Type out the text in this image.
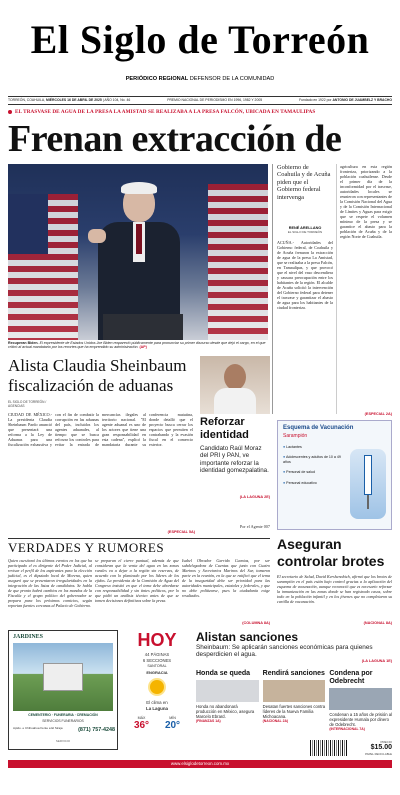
El Siglo de Torreón
PERIÓDICO REGIONAL DEFENSOR DE LA COMUNIDAD
TORREÓN, COAHUILA, MIÉRCOLES 16 DE ABRIL DE 2025 | AÑO 104, No. 46	PREMIO NACIONAL DE PERIODISMO EN 1996, 1982 Y 2005	Fundado en 1922 por ANTONIO DE JUAMBELZ Y BRACHO
EL TRASVASE DE AGUA DE LA PRESA LA AMISTAD SE REALIZABA A LA PRESA FALCÓN, UBICADA EN TAMAULIPAS
Frenan extracción de
Recuperan Biden. El expresidente de Estados Unidos Joe Biden reapareció públicamente para pronunciar su primer discurso desde que dejó el cargo, en el que criticó al actual mandatario por los recortes que ha emprendido su administración. (AP)
Gobierno de Coahuila y de Acuña piden que el Gobierno federal intervenga
RENÉ ARELLANO
EL SIGLO DE TORREÓN
ACUÑA.- Autoridades del Gobierno federal, de Coahuila y de Acuña frenaron la extracción de agua de la presa La Amistad, que se realizaba a la presa Falcón, en Tamaulipas, y que provocó que el nivel del vaso descendiera y causara preocupación entre los habitantes de la región. El alcalde de Acuña solicitó la intervención del Gobierno federal para detener el trasvase y garantizar el abasto de agua para los habitantes de la ciudad fronteriza.
agricultura en esta región fronteriza, priorizando a la población coahuilense. Desde el primer día de la inconformidad por el trasvase, autoridades locales se reunieron con representantes de la Comisión Nacional del Agua y de la Comisión Internacional de Límites y Aguas para exigir que se respete el volumen mínimo de la presa y se garantice el abasto para la población de Acuña y de la región Norte de Coahuila.
(ESPECIAL 2A)
Alista Claudia Sheinbaum fiscalización de aduanas
EL SIGLO DE TORREÓN / AGENCIAS
CIUDAD DE MÉXICO.- La presidenta Claudia Sheinbaum Pardo anunció que presentará una reforma a la Ley de Aduanas para una fiscalización exhaustiva y con el fin de combatir la corrupción en las aduanas del país, incluidos los agentes aduanales, al tiempo que se busca reforzar los controles para evitar la entrada de mercancías ilegales al territorio nacional. "El agente aduanal es uno de los actores que tiene una gran responsabilidad en esta cadena", explicó la mandataria durante su conferencia matutina, donde detalló que el proyecto busca cerrar los espacios que permiten el contrabando y la evasión fiscal en el comercio exterior.
(ESPECIAL 5A)
Reforzar identidad
Candidato Raúl Moraz del PRI y PAN, ve importante reforzar la identidad gomezpalatina.
(LA LAGUNA 2E)
Por el Agente 007
Esquema de Vacunación
Sarampión
● Lactantes
● Adolescentes y adultos de 10 a 49 años
● Personal de salud
● Personal educativo
VERDADES Y RUMORES
Quien cuestionó los últimos eventos en los que ha participado el ex dirigente del Poder Judicial, al revisar el perfil de los aspirantes para la elección judicial, es el diputado local de Morena, quien aseguró que se presentaron irregularidades en la integración de las listas de candidatos. Se habla de que pronto habrá cambios en los mandos de la Fiscalía y el grupo político del gobernador se prepara para los próximos comicios, según reportan fuentes cercanas al Palacio de Gobierno.
se preparan el cierre puntual, además de que consideran que la venta del agua en las zonas rurales va a dejar a la región sin reservas, de acuerdo con lo planteado por los líderes de los ejidos. La presidenta de la Comisión de Agua del Congreso insistió en que el tema debe abordarse con responsabilidad y sin tintes políticos, por lo que pidió un análisis técnico antes de que se tomen decisiones definitivas sobre la presa.
Isabel Obrador Garrido Cuentas, por ser subdelegadora de Cuentas que junto con Cuatro Marinos y Secretarios Marinos del Sur, tomaron parte en la reunión, en la que se ratificó que el tema de la inseguridad debe ser prioridad para las autoridades municipales, estatales y federales, y que no debe politizarse, pues la ciudadanía exige resultados.
(COLUMNA 8A)
Aseguran controlar brotes
El secretario de Salud, David Kershenobich, afirmó que los brotes de sarampión en el país están bajo control gracias a la aplicación del esquema de vacunación, aunque reconoció que es necesario reforzar la inmunización en las zonas donde se han registrado casos, sobre todo en la población infantil y en los jóvenes que no completaron su cartilla de vacunación.
(NACIONAL 8A)
JARDINES
CEMENTERIO · FUNERARIA · CREMACIÓN
SERVICIOS FUNERARIOS
Aptdo. e Chihuahua frente a El Siraja	(871) 757-4248
SERVICIO
HOY
44 PÁGINAS
6 SECCIONES
SANTORAL
ENGRACIA
El clima en
La Laguna
MÁX
36°
MÍN
20°
Alistan sanciones
Sheinbaum: Se aplicarán sanciones económicas para quienes desperdicien el agua.
(LA LAGUNA 1E)
Honda se queda
Honda no abandonará producción en México, asegura Marcelo Ebrard.
(FINANZAS 1A)
Rendirá sanciones
Desatan fuertes sanciones contra líderes de la Nueva Familia Michoacana.
(NACIONAL 2A)
Condena por Odebrecht
Condenan a 15 años de prisión al expresidente Humala por dinero de Odebrecht.
(INTERNACIONAL 7A)
PRECIO
$15.00
PAPEL RECICLABLE
www.elsiglodetorreon.com.mx
